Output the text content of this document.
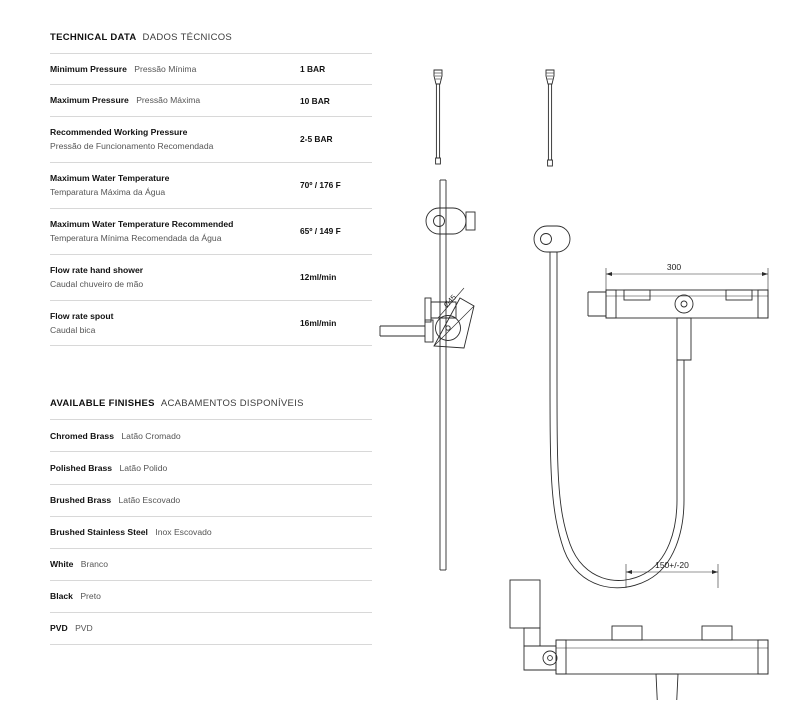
TECHNICAL DATA DADOS TÉCNICOS
Minimum Pressure Pressão Mínima	1 BAR
Maximum Pressure Pressão Máxima	10 BAR
Recommended Working Pressure
Pressão de Funcionamento Recomendada	2-5 BAR
Maximum Water Temperature
Temparatura Máxima da Água	70º / 176 F
Maximum Water Temperature Recommended
Temperatura Mínima Recomendada da Água	65º / 149 F
Flow rate hand shower
Caudal chuveiro de mão	12ml/min
Flow rate spout
Caudal bica	16ml/min
AVAILABLE FINISHES ACABAMENTOS DISPONÍVEIS
Chromed Brass Latão Cromado
Polished Brass Latão Polido
Brushed Brass Latão Escovado
Brushed Stainless Steel Inox Escovado
White Branco
Black Preto
PVD PVD
Ø45
300
150+/-20
